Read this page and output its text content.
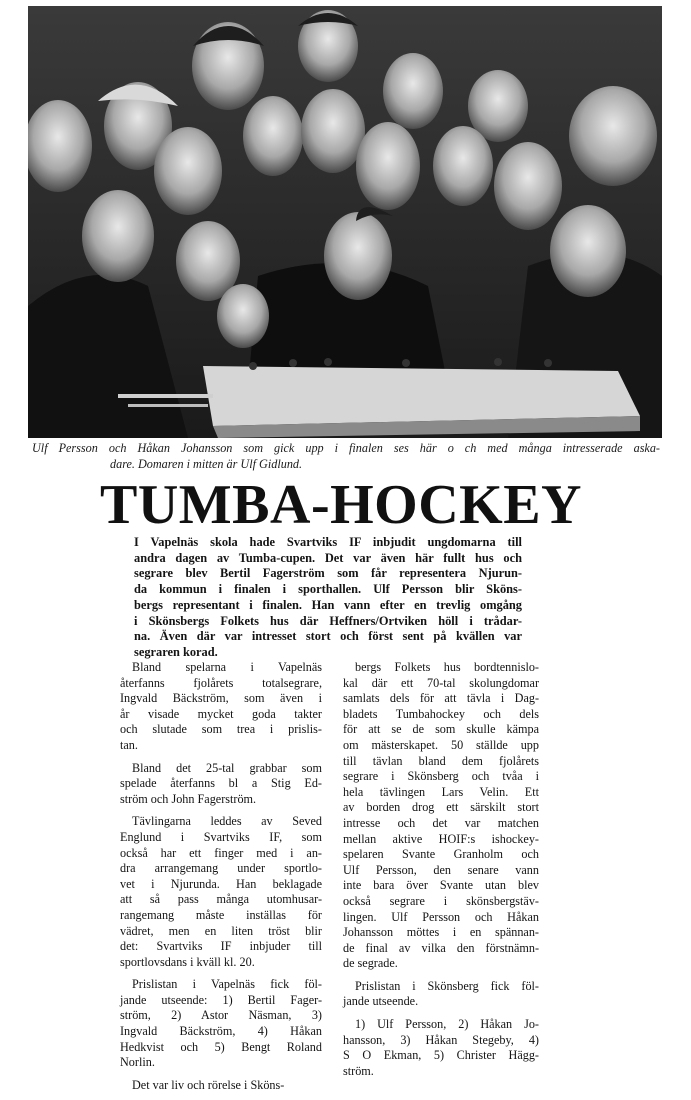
Ulf Persson och Håkan Johansson som gick upp i finalen ses här o ch med många intresserade aska-
dare. Domaren i mitten är Ulf Gidlund.
TUMBA-HOCKEY
I Vapelnäs skola hade Svartviks IF inbjudit ungdomarna till
andra dagen av Tumba-cupen. Det var även här fullt hus och
segrare blev Bertil Fagerström som får representera Njurun-
da kommun i finalen i sporthallen. Ulf Persson blir Sköns-
bergs representant i finalen. Han vann efter en trevlig omgång
i Skönsbergs Folkets hus där Heffners/Ortviken höll i trådar-
na. Även där var intresset stort och först sent på kvällen var
segraren korad.

Bland spelarna i Vapelnäs
återfanns fjolårets totalsegrare,
Ingvald Bäckström, som även i
år visade mycket goda takter
och slutade som trea i prislis-
tan.

Bland det 25-tal grabbar som
spelade återfanns bl a Stig Ed-
ström och John Fagerström.

Tävlingarna leddes av Seved
Englund i Svartviks IF, som
också har ett finger med i an-
dra arrangemang under sportlo-
vet i Njurunda. Han beklagade
att så pass många utomhusar-
rangemang måste inställas för
vädret, men en liten tröst blir
det: Svartviks IF inbjuder till
sportlovsdans i kväll kl. 20.

Prislistan i Vapelnäs fick föl-
jande utseende: 1) Bertil Fager-
ström, 2) Astor Näsman, 3)
Ingvald Bäckström, 4) Håkan
Hedkvist och 5) Bengt Roland
Norlin.

Det var liv och rörelse i Sköns-

bergs Folkets hus bordtennislo-
kal där ett 70-tal skolungdomar
samlats dels för att tävla i Dag-
bladets Tumbahockey och dels
för att se de som skulle kämpa
om mästerskapet. 50 ställde upp
till tävlan bland dem fjolårets
segrare i Skönsberg och tvåa i
hela tävlingen Lars Velin. Ett
av borden drog ett särskilt stort
intresse och det var matchen
mellan aktive HOIF:s ishockey-
spelaren Svante Granholm och
Ulf Persson, den senare vann
inte bara över Svante utan blev
också segrare i skönsbergstäv-
lingen. Ulf Persson och Håkan
Johansson möttes i en spännan-
de final av vilka den förstnämn-
de segrade.

Prislistan i Skönsberg fick föl-
jande utseende.

1) Ulf Persson, 2) Håkan Jo-
hansson, 3) Håkan Stegeby, 4)
S O Ekman, 5) Christer Hägg-
ström.
